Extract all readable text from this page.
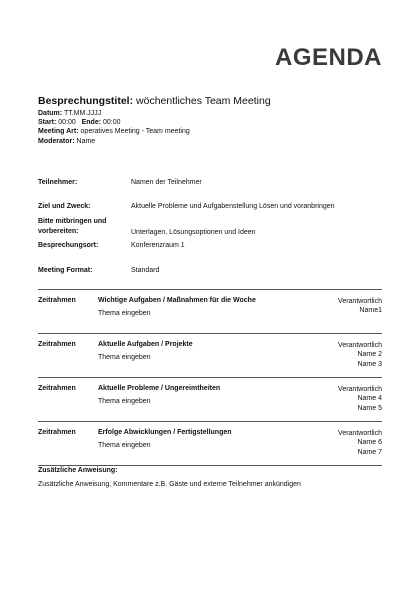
AGENDA
Besprechungstitel: wöchentliches Team Meeting
Datum: TT.MM.JJJJ
Start: 00:00 Ende: 00:00
Meeting Art: operatives Meeting - Team meeting
Moderator: Name
Teilnehmer:	Namen der Teilnehmer
Ziel und Zweck:	Aktuelle Probleme und Aufgabenstellung Lösen und voranbringen
Bitte mitbringen und
vorbereiten:	Unterlagen, Lösungsoptionen und Ideen
Besprechungsort:	Konferenzraum 1
Meeting Format:	Standard
Zeitrahmen	Wichtige Aufgaben / Maßnahmen für die Woche
Thema eingeben
Verantwortlich
Name1
Zeitrahmen	Aktuelle Aufgaben / Projekte
Thema eingeben
Verantwortlich
Name 2
Name 3
Zeitrahmen	Aktuelle Probleme / Ungereimtheiten
Thema eingeben
Verantwortlich
Name 4
Name 5
Zeitrahmen	Erfolge Abwicklungen / Fertigstellungen
Thema eingeben
Verantwortlich
Name 6
Name 7
Zusätzliche Anweisung:
Zusätzliche Anweisung, Kommentare z.B. Gäste und externe Teilnehmer ankündigen
